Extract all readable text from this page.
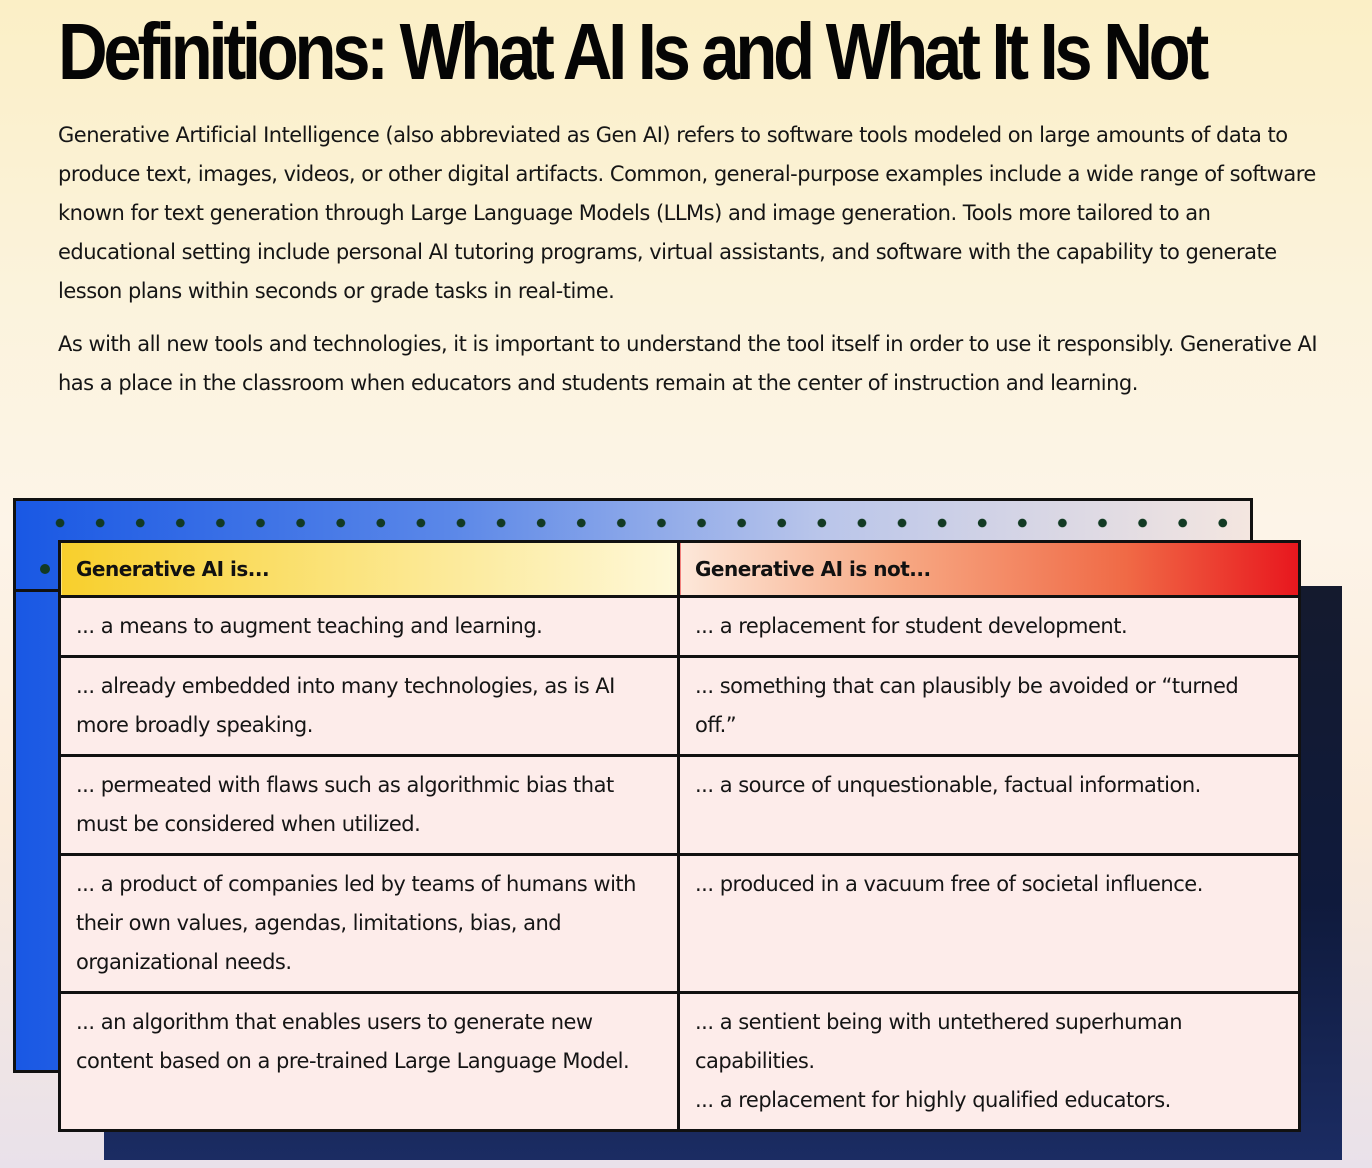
Definitions: What AI Is and What It Is Not

Generative Artificial Intelligence (also abbreviated as Gen AI) refers to software tools modeled on large amounts of data to produce text, images, videos, or other digital artifacts. Common, general-purpose examples include a wide range of software known for text generation through Large Language Models (LLMs) and image generation. Tools more tailored to an educational setting include personal AI tutoring programs, virtual assistants, and software with the capability to generate lesson plans within seconds or grade tasks in real-time.

As with all new tools and technologies, it is important to understand the tool itself in order to use it responsibly. Generative AI has a place in the classroom when educators and students remain at the center of instruction and learning.

Generative AI is...	Generative AI is not...
... a means to augment teaching and learning.	... a replacement for student development.

... already embedded into many technologies, as is AI more broadly speaking.	... something that can plausibly be avoided or “turned off.”

... permeated with flaws such as algorithmic bias that must be considered when utilized.	... a source of unquestionable, factual information.

... a product of companies led by teams of humans with their own values, agendas, limitations, bias, and organizational needs.	... produced in a vacuum free of societal influence.

... an algorithm that enables users to generate new content based on a pre-trained Large Language Model.	... a sentient being with untethered superhuman capabilities.
... a replacement for highly qualified educators.
